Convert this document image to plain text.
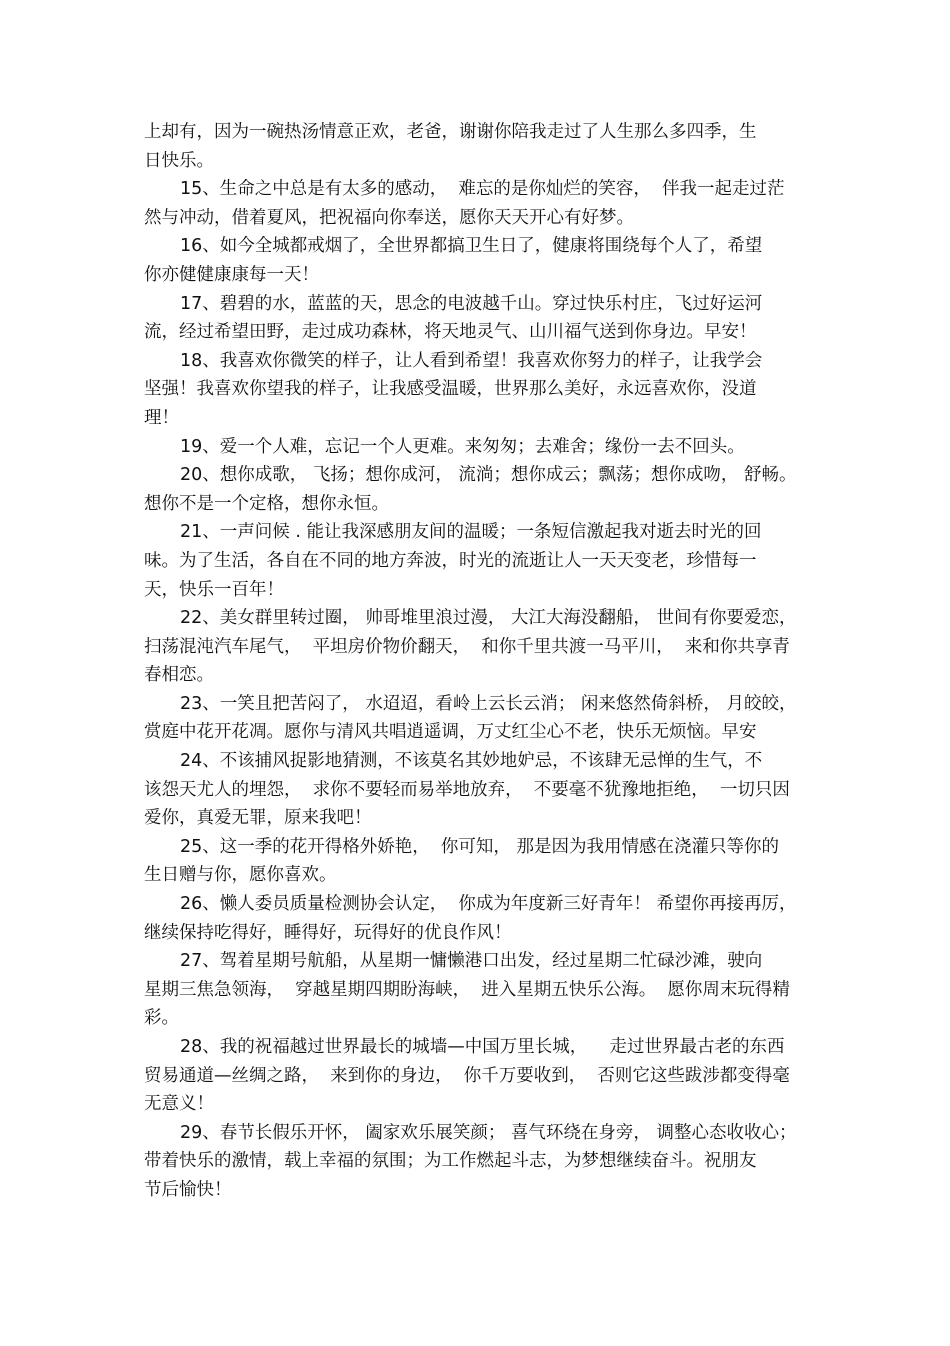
上却有，因为一碗热汤情意正欢，老爸，谢谢你陪我走过了人生那么多四季，生
日快乐。
15、生命之中总是有太多的感动，  难忘的是你灿烂的笑容，  伴我一起走过茫
然与冲动，借着夏风，把祝福向你奉送，愿你天天开心有好梦。
16、如今全城都戒烟了，全世界都搞卫生日了，健康将围绕每个人了，希望
你亦健健康康每一天！
17、碧碧的水，蓝蓝的天，思念的电波越千山。穿过快乐村庄，飞过好运河
流，经过希望田野，走过成功森林，将天地灵气、山川福气送到你身边。早安！
18、我喜欢你微笑的样子，让人看到希望！我喜欢你努力的样子，让我学会
坚强！我喜欢你望我的样子，让我感受温暖，世界那么美好，永远喜欢你，没道
理！
19、爱一个人难，忘记一个人更难。来匆匆；去难舍；缘份一去不回头。
20、想你成歌， 飞扬；想你成河， 流淌；想你成云；飘荡；想你成吻， 舒畅。
想你不是一个定格，想你永恒。
21、一声问候 . 能让我深感朋友间的温暖；一条短信激起我对逝去时光的回
味。为了生活，各自在不同的地方奔波，时光的流逝让人一天天变老，珍惜每一
天，快乐一百年！
22、美女群里转过圈， 帅哥堆里浪过漫， 大江大海没翻船， 世间有你要爱恋，
扫荡混沌汽车尾气，  平坦房价物价翻天，  和你千里共渡一马平川，  来和你共享青
春相恋。
23、一笑且把苦闷了， 水迢迢，看岭上云长云消； 闲来悠然倚斜桥， 月皎皎，
赏庭中花开花凋。愿你与清风共唱逍遥调，万丈红尘心不老，快乐无烦恼。早安
24、不该捕风捉影地猜测，不该莫名其妙地妒忌，不该肆无忌惮的生气，不
该怨天尤人的埋怨，  求你不要轻而易举地放弃，  不要毫不犹豫地拒绝，  一切只因
爱你，真爱无罪，原来我吧！
25、这一季的花开得格外娇艳，  你可知， 那是因为我用情感在浇灌只等你的
生日赠与你，愿你喜欢。
26、懒人委员质量检测协会认定，  你成为年度新三好青年！ 希望你再接再厉，
继续保持吃得好，睡得好，玩得好的优良作风！
27、驾着星期号航船，从星期一慵懒港口出发，经过星期二忙碌沙滩，驶向
星期三焦急领海，  穿越星期四期盼海峡，  进入星期五快乐公海。  愿你周末玩得精
彩。
28、我的祝福越过世界最长的城墙—中国万里长城，    走过世界最古老的东西
贸易通道—丝绸之路，  来到你的身边，  你千万要收到，  否则它这些跋涉都变得毫
无意义！
29、春节长假乐开怀， 阖家欢乐展笑颜； 喜气环绕在身旁， 调整心态收收心；
带着快乐的激情，载上幸福的氛围；为工作燃起斗志，为梦想继续奋斗。祝朋友
节后愉快！
